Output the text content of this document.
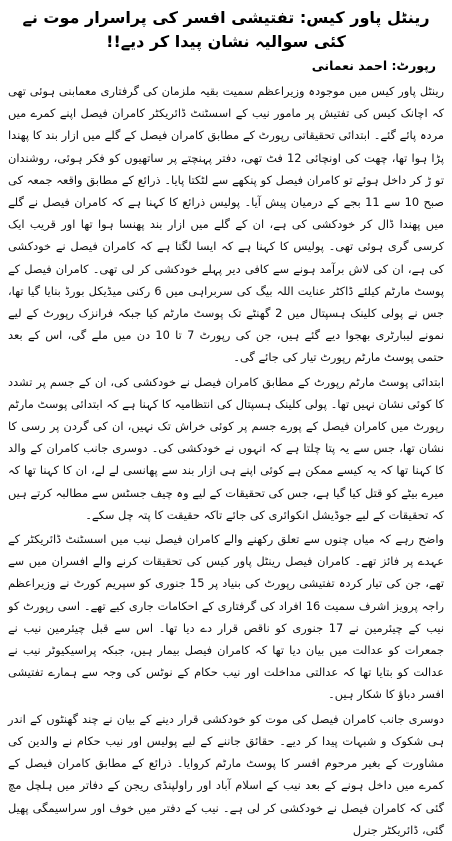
رینٹل پاور کیس: تفتیشی افسر کی پراسرار موت نے کئی سوالیہ نشان پیدا کر دیے!!
رپورٹ: احمد نعمانی

رینٹل پاور کیس میں موجودہ وزیراعظم سمیت بقیہ ملزمان کی گرفتاری معمابنی ہوئی تھی کہ اچانک کیس کی تفتیش پر مامور نیب کے اسسٹنٹ ڈائریکٹر کامران فیصل اپنے کمرے میں مردہ پائے گئے۔ ابتدائی تحقیقاتی رپورٹ کے مطابق کامران فیصل کے گلے میں ازار بند کا پھندا پڑا ہوا تھا، چھت کی اونچائی 12 فٹ تھی، دفتر پہنچتے پر ساتھیوں کو فکر ہوئی، روشندان تو ڑ کر داخل ہوئے تو کامران فیصل کو پنکھے سے لٹکتا پایا۔ ذرائع کے مطابق واقعہ جمعہ کی صبح 10 سے 11 بجے کے درمیان پیش آیا۔ پولیس ذرائع کا کہنا ہے کہ کامران فیصل نے گلے میں پھندا ڈال کر خودکشی کی ہے، ان کے گلے میں ازار بند پھنسا ہوا تھا اور قریب ایک کرسی گری ہوئی تھی۔ پولیس کا کہنا ہے کہ ایسا لگتا ہے کہ کامران فیصل نے خودکشی کی ہے، ان کی لاش برآمد ہونے سے کافی دیر پہلے خودکشی کر لی تھی۔ کامران فیصل کے پوسٹ مارٹم کیلئے ڈاکٹر عنایت اللہ بیگ کی سربراہی میں 6 رکنی میڈیکل بورڈ بنایا گیا تھا، جس نے پولی کلینک ہسپتال میں 2 گھنٹے تک پوسٹ مارٹم کیا جبکہ فرانزک رپورٹ کے لیے نمونے لیبارٹری بھجوا دیے گئے ہیں، جن کی رپورٹ 7 تا 10 دن میں ملے گی، اس کے بعد حتمی پوسٹ مارٹم رپورٹ تیار کی جائے گی۔

ابتدائی پوسٹ مارٹم رپورٹ کے مطابق کامران فیصل نے خودکشی کی، ان کے جسم پر تشدد کا کوئی نشان نہیں تھا۔ پولی کلینک ہسپتال کی انتظامیہ کا کہنا ہے کہ ابتدائی پوسٹ مارٹم رپورٹ میں کامران فیصل کے پورے جسم پر کوئی خراش تک نہیں، ان کی گردن پر رسی کا نشان تھا، جس سے یہ پتا چلتا ہے کہ انہوں نے خودکشی کی۔ دوسری جانب کامران کے والد کا کہنا تھا کہ یہ کیسے ممکن ہے کوئی اپنے ہی ازار بند سے پھانسی لے لے، ان کا کہنا تھا کہ میرے بیٹے کو قتل کیا گیا ہے، جس کی تحقیقات کے لیے وہ چیف جسٹس سے مطالبہ کرتے ہیں کہ تحقیقات کے لیے جوڈیشل انکوائری کی جائے تاکہ حقیقت کا پتہ چل سکے۔

واضح رہے کہ میاں چنوں سے تعلق رکھنے والے کامران فیصل نیب میں اسسٹنٹ ڈائریکٹر کے عہدے پر فائز تھے۔ کامران فیصل رینٹل پاور کیس کی تحقیقات کرنے والے افسران میں سے تھے، جن کی تیار کردہ تفتیشی رپورٹ کی بنیاد پر 15 جنوری کو سپریم کورٹ نے وزیراعظم راجہ پرویز اشرف سمیت 16 افراد کی گرفتاری کے احکامات جاری کیے تھے۔ اسی رپورٹ کو نیب کے چیئرمین نے 17 جنوری کو ناقص قرار دے دیا تھا۔ اس سے قبل چیئرمین نیب نے جمعرات کو عدالت میں بیان دیا تھا کہ کامران فیصل بیمار ہیں، جبکہ پراسیکیوٹر نیب نے عدالت کو بتایا تھا کہ عدالتی مداخلت اور نیب حکام کے نوٹس کی وجہ سے ہمارے تفتیشی افسر دباؤ کا شکار ہیں۔

دوسری جانب کامران فیصل کی موت کو خودکشی قرار دینے کے بیان نے چند گھنٹوں کے اندر ہی شکوک و شبہات پیدا کر دیے۔ حقائق جاننے کے لیے پولیس اور نیب حکام نے والدین کی مشاورت کے بغیر مرحوم افسر کا پوسٹ مارٹم کروایا۔ ذرائع کے مطابق کامران فیصل کے کمرے میں داخل ہونے کے بعد نیب کے اسلام آباد اور راولپنڈی ریجن کے دفاتر میں ہلچل مچ گئی کہ کامران فیصل نے خودکشی کر لی ہے۔ نیب کے دفتر میں خوف اور سراسیمگی پھیل گئی، ڈائریکٹر جنرل
